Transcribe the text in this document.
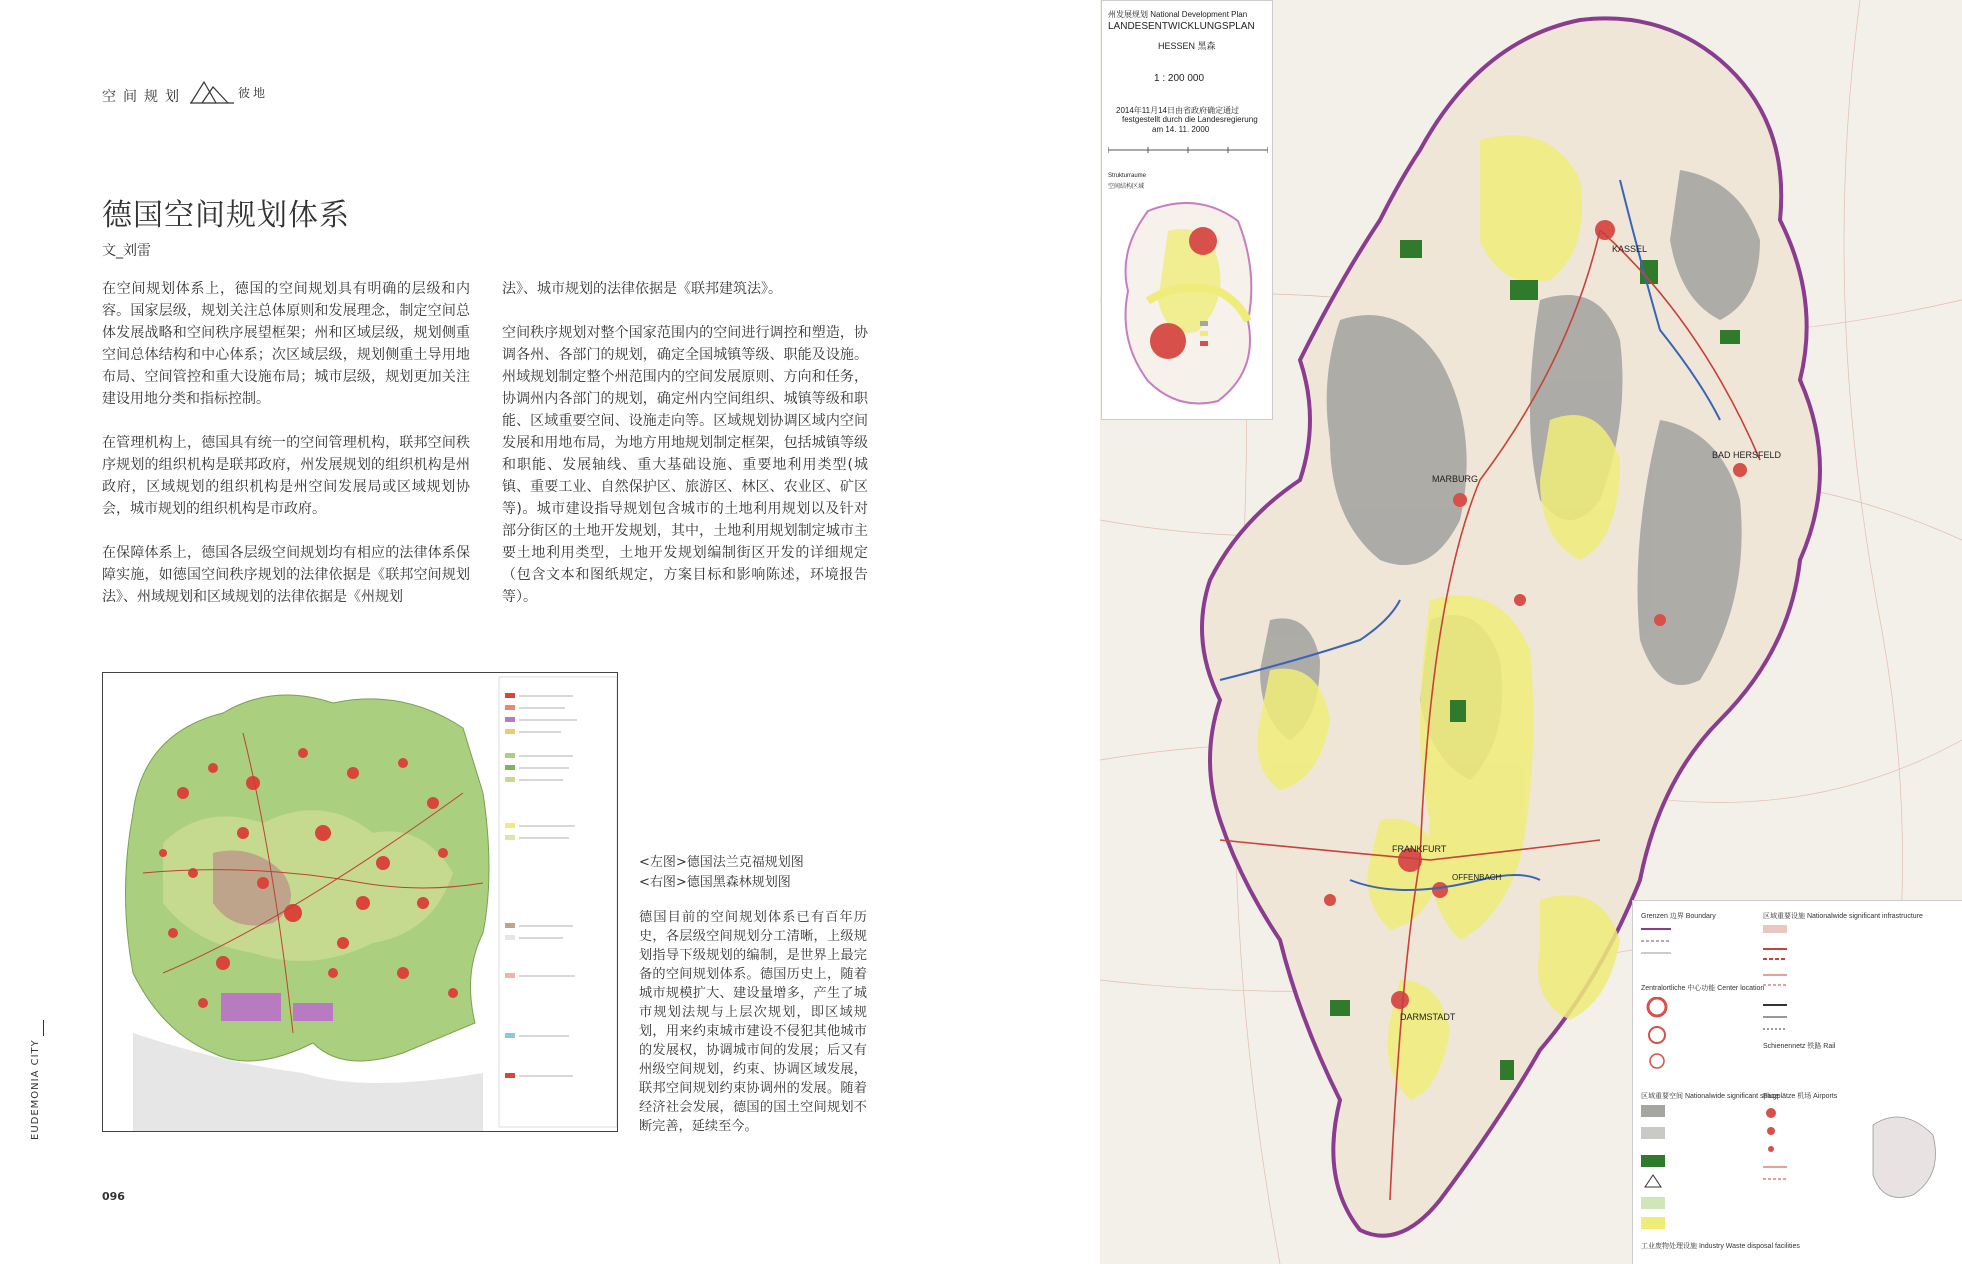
空间规划	彼地
德国空间规划体系
文_刘雷

在空间规划体系上，德国的空间规划具有明确的层级和内容。国家层级，规划关注总体原则和发展理念，制定空间总体发展战略和空间秩序展望框架；州和区域层级，规划侧重空间总体结构和中心体系；次区域层级，规划侧重土导用地布局、空间管控和重大设施布局；城市层级，规划更加关注建设用地分类和指标控制。

在管理机构上，德国具有统一的空间管理机构，联邦空间秩序规划的组织机构是联邦政府，州发展规划的组织机构是州政府，区域规划的组织机构是州空间发展局或区域规划协会，城市规划的组织机构是市政府。

在保障体系上，德国各层级空间规划均有相应的法律体系保障实施，如德国空间秩序规划的法律依据是《联邦空间规划法》、州域规划和区域规划的法律依据是《州规划

法》、城市规划的法律依据是《联邦建筑法》。

空间秩序规划对整个国家范围内的空间进行调控和塑造，协调各州、各部门的规划，确定全国城镇等级、职能及设施。州域规划制定整个州范围内的空间发展原则、方向和任务，协调州内各部门的规划，确定州内空间组织、城镇等级和职能、区域重要空间、设施走向等。区域规划协调区域内空间发展和用地布局，为地方用地规划制定框架，包括城镇等级和职能、发展轴线、重大基础设施、重要地利用类型(城镇、重要工业、自然保护区、旅游区、林区、农业区、矿区等)。城市建设指导规划包含城市的土地利用规划以及针对部分街区的土地开发规划，其中，土地利用规划制定城市主要土地利用类型，土地开发规划编制街区开发的详细规定（包含文本和图纸规定，方案目标和影响陈述，环境报告等）。

<左图>德国法兰克福规划图
<右图>德国黑森林规划图
德国目前的空间规划体系已有百年历史，各层级空间规划分工清晰，上级规划指导下级规划的编制，是世界上最完备的空间规划体系。德国历史上，随着城市规模扩大、建设量增多，产生了城市规划法规与上层次规划，即区域规划，用来约束城市建设不侵犯其他城市的发展权，协调城市间的发展；后又有州级空间规划，约束、协调区域发展，联邦空间规划约束协调州的发展。随着经济社会发展，德国的国土空间规划不断完善，延续至今。
EUDEMONIA CITY
096
KASSEL
MARBURG
BAD HERSFELD
FRANKFURT
OFFENBACH
DARMSTADT
州发展规划 National Development Plan
LANDESENTWICKLUNGSPLAN
HESSEN 黑森
1 : 200 000
2014年11月14日由省政府确定通过
festgestellt durch die Landesregierung
am 14. 11. 2000
Strukturraume
空间结构区域
Grenzen 边界 Boundary	区域重要设施 Nationalwide significant infrastructure
Zentralortliche 中心功能 Center location
Schienennetz 铁路 Rail
区域重要空间 Nationalwide significant space
Flugplätze 机场 Airports
工业废物处理设施 Industry Waste disposal facilities
